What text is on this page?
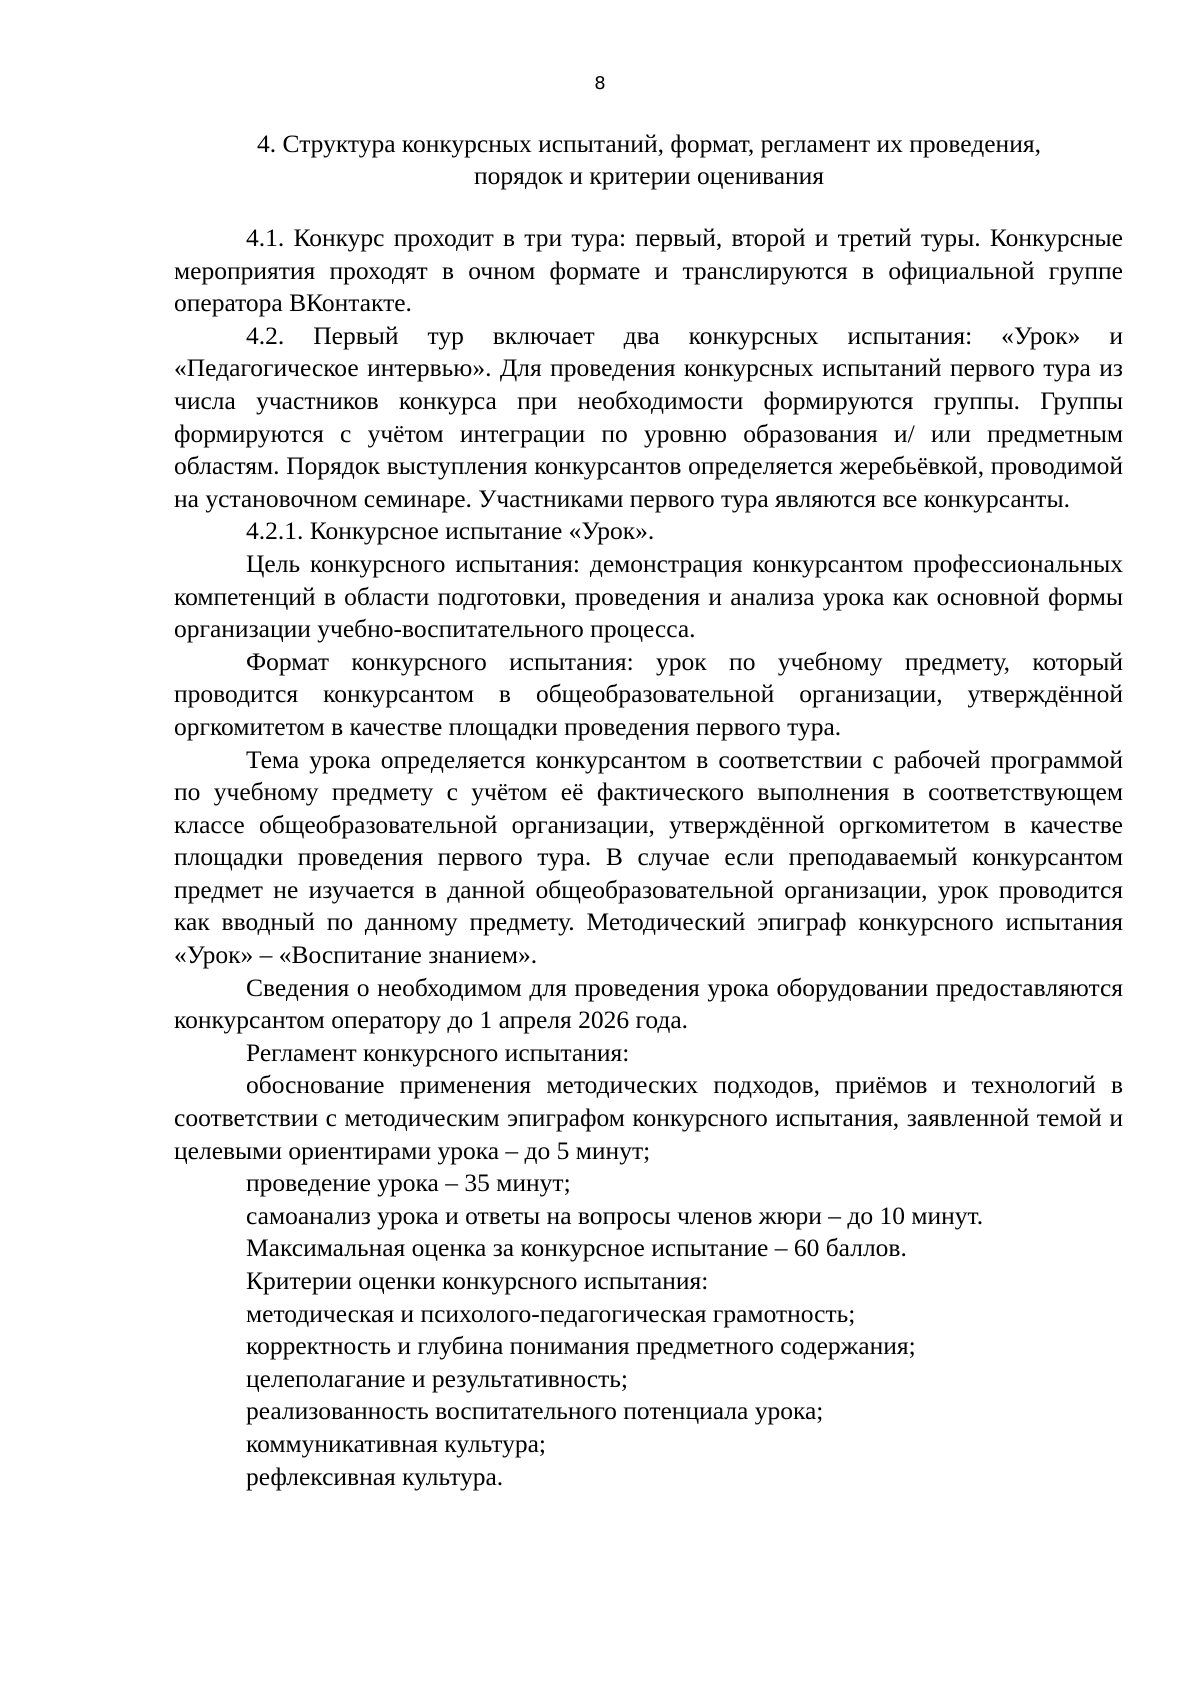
8
4. Структура конкурсных испытаний, формат, регламент их проведения,
порядок и критерии оценивания

4.1. Конкурс проходит в три тура: первый, второй и третий туры. Конкурсные мероприятия проходят в очном формате и транслируются в официальной группе оператора ВКонтакте.

4.2. Первый тур включает два конкурсных испытания: «Урок» и «Педагогическое интервью». Для проведения конкурсных испытаний первого тура из числа участников конкурса при необходимости формируются группы. Группы формируются с учётом интеграции по уровню образования и/ или предметным областям. Порядок выступления конкурсантов определяется жеребьёвкой, проводимой на установочном семинаре. Участниками первого тура являются все конкурсанты.

4.2.1. Конкурсное испытание «Урок».

Цель конкурсного испытания: демонстрация конкурсантом профессиональных компетенций в области подготовки, проведения и анализа урока как основной формы организации учебно-воспитательного процесса.

Формат конкурсного испытания: урок по учебному предмету, который проводится конкурсантом в общеобразовательной организации, утверждённой оргкомитетом в качестве площадки проведения первого тура.

Тема урока определяется конкурсантом в соответствии с рабочей программой по учебному предмету с учётом её фактического выполнения в соответствующем классе общеобразовательной организации, утверждённой оргкомитетом в качестве площадки проведения первого тура. В случае если преподаваемый конкурсантом предмет не изучается в данной общеобразовательной организации, урок проводится как вводный по данному предмету. Методический эпиграф конкурсного испытания «Урок» – «Воспитание знанием».

Сведения о необходимом для проведения урока оборудовании предоставляются конкурсантом оператору до 1 апреля 2026 года.

Регламент конкурсного испытания:

обоснование применения методических подходов, приёмов и технологий в соответствии с методическим эпиграфом конкурсного испытания, заявленной темой и целевыми ориентирами урока – до 5 минут;

проведение урока – 35 минут;

самоанализ урока и ответы на вопросы членов жюри – до 10 минут.

Максимальная оценка за конкурсное испытание – 60 баллов.

Критерии оценки конкурсного испытания:

методическая и психолого-педагогическая грамотность;

корректность и глубина понимания предметного содержания;

целеполагание и результативность;

реализованность воспитательного потенциала урока;

коммуникативная культура;

рефлексивная культура.
